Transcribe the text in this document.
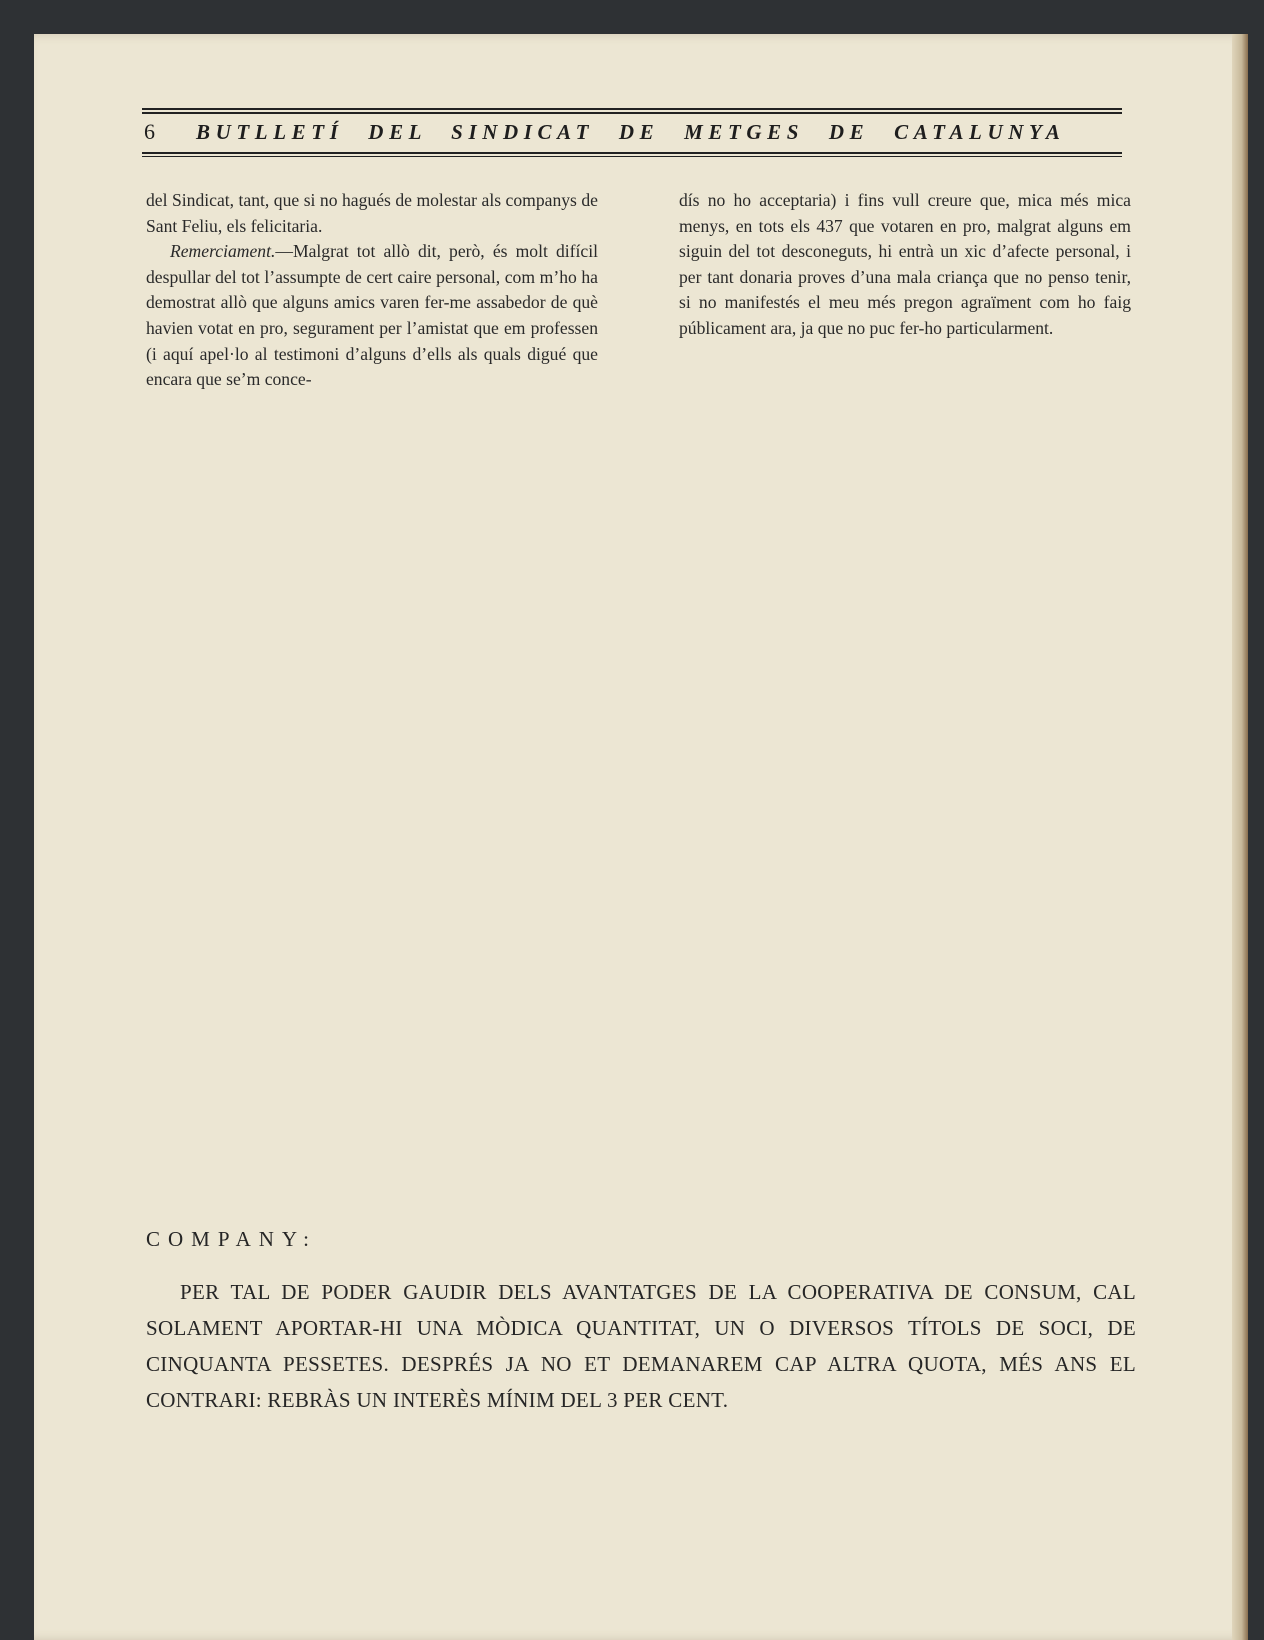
6	BUTLLETÍ DEL SINDICAT DE METGES DE CATALUNYA

del Sindicat, tant, que si no hagués de molestar als companys de Sant Feliu, els felicitaria.

Remerciament.—Malgrat tot allò dit, però, és molt difícil despullar del tot l’assumpte de cert caire personal, com m’ho ha demostrat allò que alguns amics varen fer-me assabedor de què havien votat en pro, segurament per l’amistat que em professen (i aquí apel·lo al testimoni d’alguns d’ells als quals digué que encara que se’m conce-

dís no ho acceptaria) i fins vull creure que, mica més mica menys, en tots els 437 que votaren en pro, malgrat alguns em siguin del tot desconeguts, hi entrà un xic d’afecte personal, i per tant donaria proves d’una mala criança que no penso tenir, si no manifestés el meu més pregon agraïment com ho faig públicament ara, ja que no puc fer-ho particularment.

COMPANY:

PER TAL DE PODER GAUDIR DELS AVANTATGES DE LA COOPERATIVA DE CONSUM, CAL SOLAMENT APORTAR-HI UNA MÒDICA QUANTITAT, UN O DIVERSOS TÍTOLS DE SOCI, DE CINQUANTA PESSETES. DESPRÉS JA NO ET DEMANAREM CAP ALTRA QUOTA, MÉS ANS EL CONTRARI: REBRÀS UN INTERÈS MÍNIM DEL 3 PER CENT.
